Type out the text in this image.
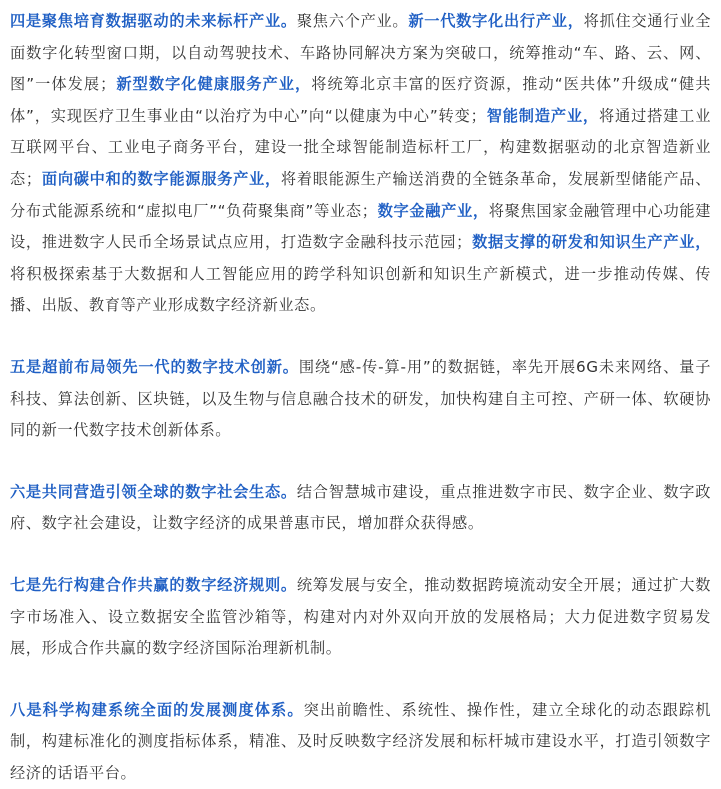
四是聚焦培育数据驱动的未来标杆产业。聚焦六个产业。新一代数字化出行产业，将抓住交通行业全面数字化转型窗口期，以自动驾驶技术、车路协同解决方案为突破口，统筹推动“车、路、云、网、图”一体发展；新型数字化健康服务产业，将统筹北京丰富的医疗资源，推动“医共体”升级成“健共体”，实现医疗卫生事业由“以治疗为中心”向“以健康为中心”转变；智能制造产业，将通过搭建工业互联网平台、工业电子商务平台，建设一批全球智能制造标杆工厂，构建数据驱动的北京智造新业态；面向碳中和的数字能源服务产业，将着眼能源生产输送消费的全链条革命，发展新型储能产品、分布式能源系统和“虚拟电厂”“负荷聚集商”等业态；数字金融产业，将聚焦国家金融管理中心功能建设，推进数字人民币全场景试点应用，打造数字金融科技示范园；数据支撑的研发和知识生产产业，将积极探索基于大数据和人工智能应用的跨学科知识创新和知识生产新模式，进一步推动传媒、传播、出版、教育等产业形成数字经济新业态。

五是超前布局领先一代的数字技术创新。围绕“感-传-算-用”的数据链，率先开展6G未来网络、量子科技、算法创新、区块链，以及生物与信息融合技术的研发，加快构建自主可控、产研一体、软硬协同的新一代数字技术创新体系。

六是共同营造引领全球的数字社会生态。结合智慧城市建设，重点推进数字市民、数字企业、数字政府、数字社会建设，让数字经济的成果普惠市民，增加群众获得感。

七是先行构建合作共赢的数字经济规则。统筹发展与安全，推动数据跨境流动安全开展；通过扩大数字市场准入、设立数据安全监管沙箱等，构建对内对外双向开放的发展格局；大力促进数字贸易发展，形成合作共赢的数字经济国际治理新机制。

八是科学构建系统全面的发展测度体系。突出前瞻性、系统性、操作性，建立全球化的动态跟踪机制，构建标准化的测度指标体系，精准、及时反映数字经济发展和标杆城市建设水平，打造引领数字经济的话语平台。
